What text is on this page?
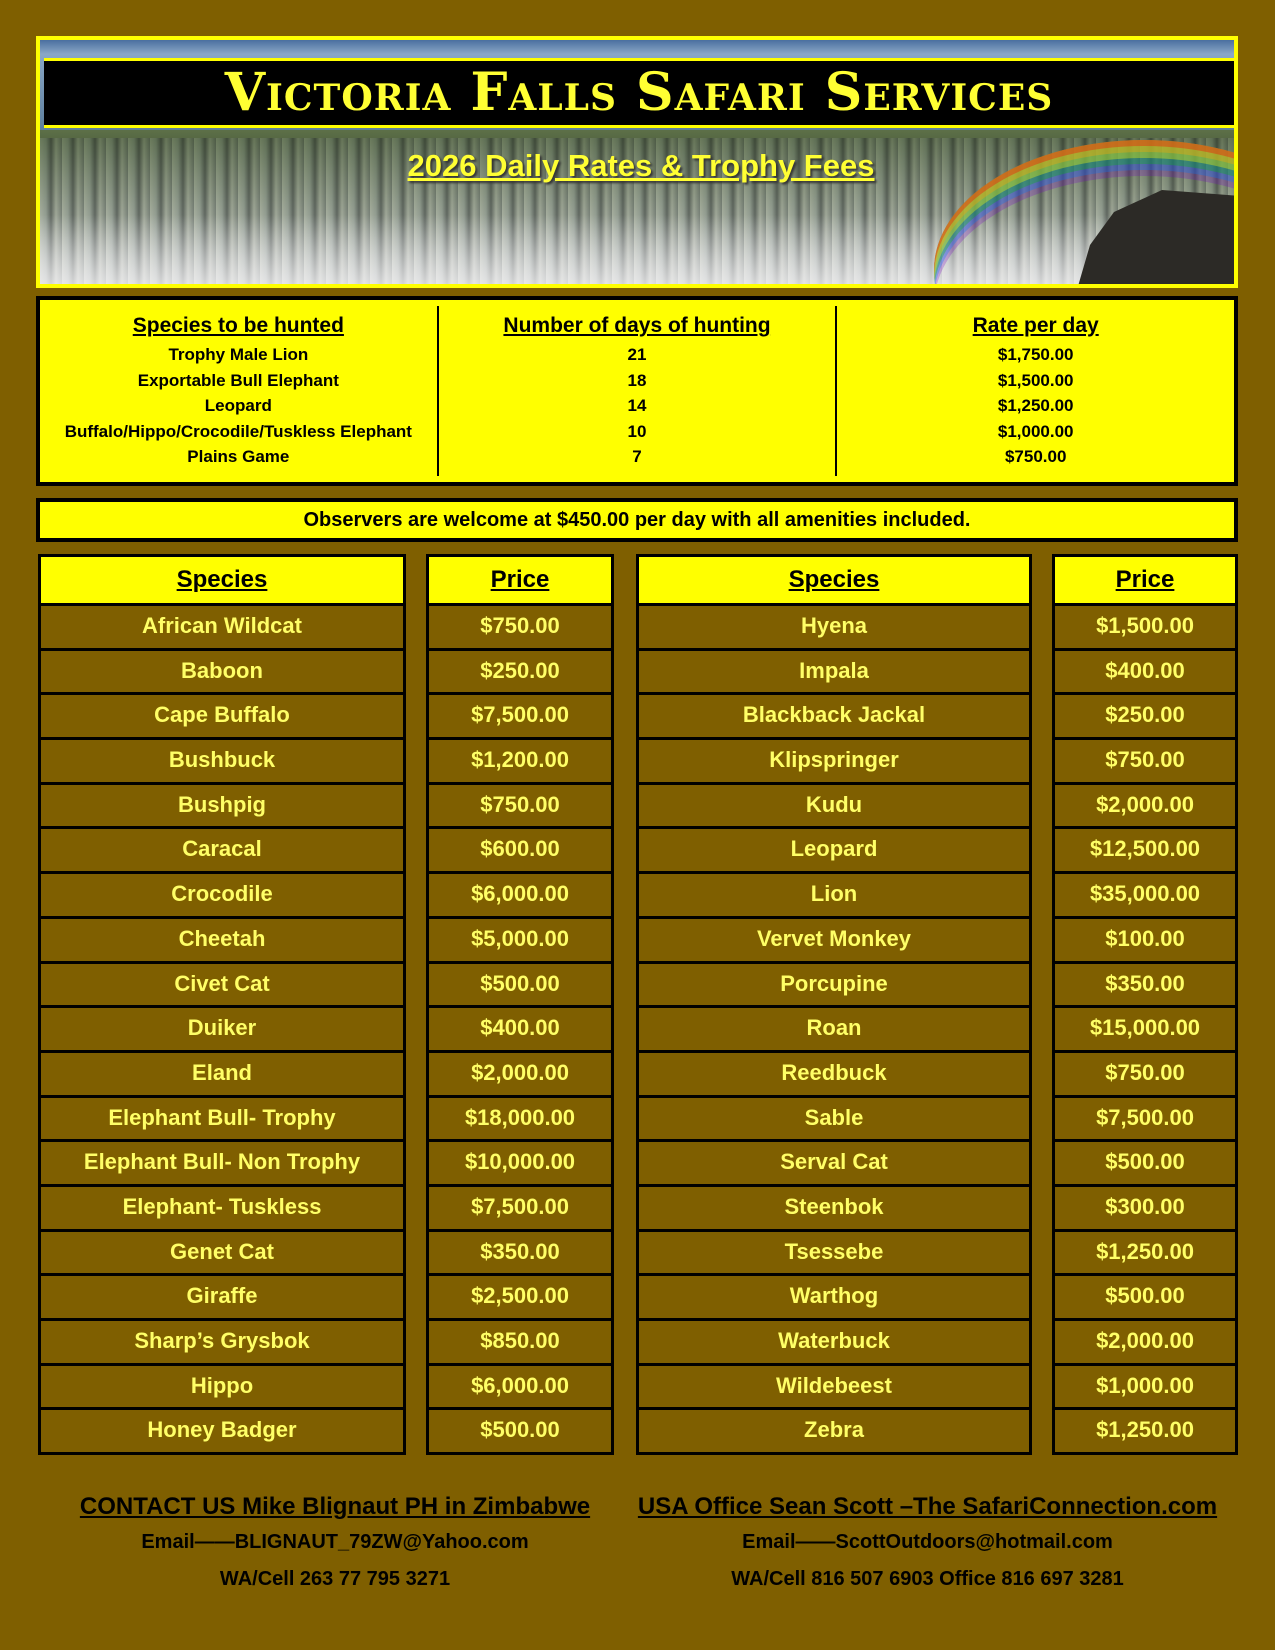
Victoria Falls Safari Services
2026 Daily Rates & Trophy Fees
Species to be hunted
Trophy Male Lion
Exportable Bull Elephant
Leopard
Buffalo/Hippo/Crocodile/Tuskless Elephant
Plains Game
Number of days of hunting
21
18
14
10
7
Rate per day
$1,750.00
$1,500.00
$1,250.00
$1,000.00
$750.00
Observers are welcome at $450.00 per day with all amenities included.
Species
African Wildcat
Baboon
Cape Buffalo
Bushbuck
Bushpig
Caracal
Crocodile
Cheetah
Civet Cat
Duiker
Eland
Elephant Bull- Trophy
Elephant Bull- Non Trophy
Elephant- Tuskless
Genet Cat
Giraffe
Sharp’s Grysbok
Hippo
Honey Badger
Price
$750.00
$250.00
$7,500.00
$1,200.00
$750.00
$600.00
$6,000.00
$5,000.00
$500.00
$400.00
$2,000.00
$18,000.00
$10,000.00
$7,500.00
$350.00
$2,500.00
$850.00
$6,000.00
$500.00
Species
Hyena
Impala
Blackback Jackal
Klipspringer
Kudu
Leopard
Lion
Vervet Monkey
Porcupine
Roan
Reedbuck
Sable
Serval Cat
Steenbok
Tsessebe
Warthog
Waterbuck
Wildebeest
Zebra
Price
$1,500.00
$400.00
$250.00
$750.00
$2,000.00
$12,500.00
$35,000.00
$100.00
$350.00
$15,000.00
$750.00
$7,500.00
$500.00
$300.00
$1,250.00
$500.00
$2,000.00
$1,000.00
$1,250.00
CONTACT US Mike Blignaut PH in Zimbabwe
Email——BLIGNAUT_79ZW@Yahoo.com
WA/Cell 263 77 795 3271
USA Office Sean Scott –The SafariConnection.com
Email——ScottOutdoors@hotmail.com
WA/Cell 816 507 6903 Office 816 697 3281
